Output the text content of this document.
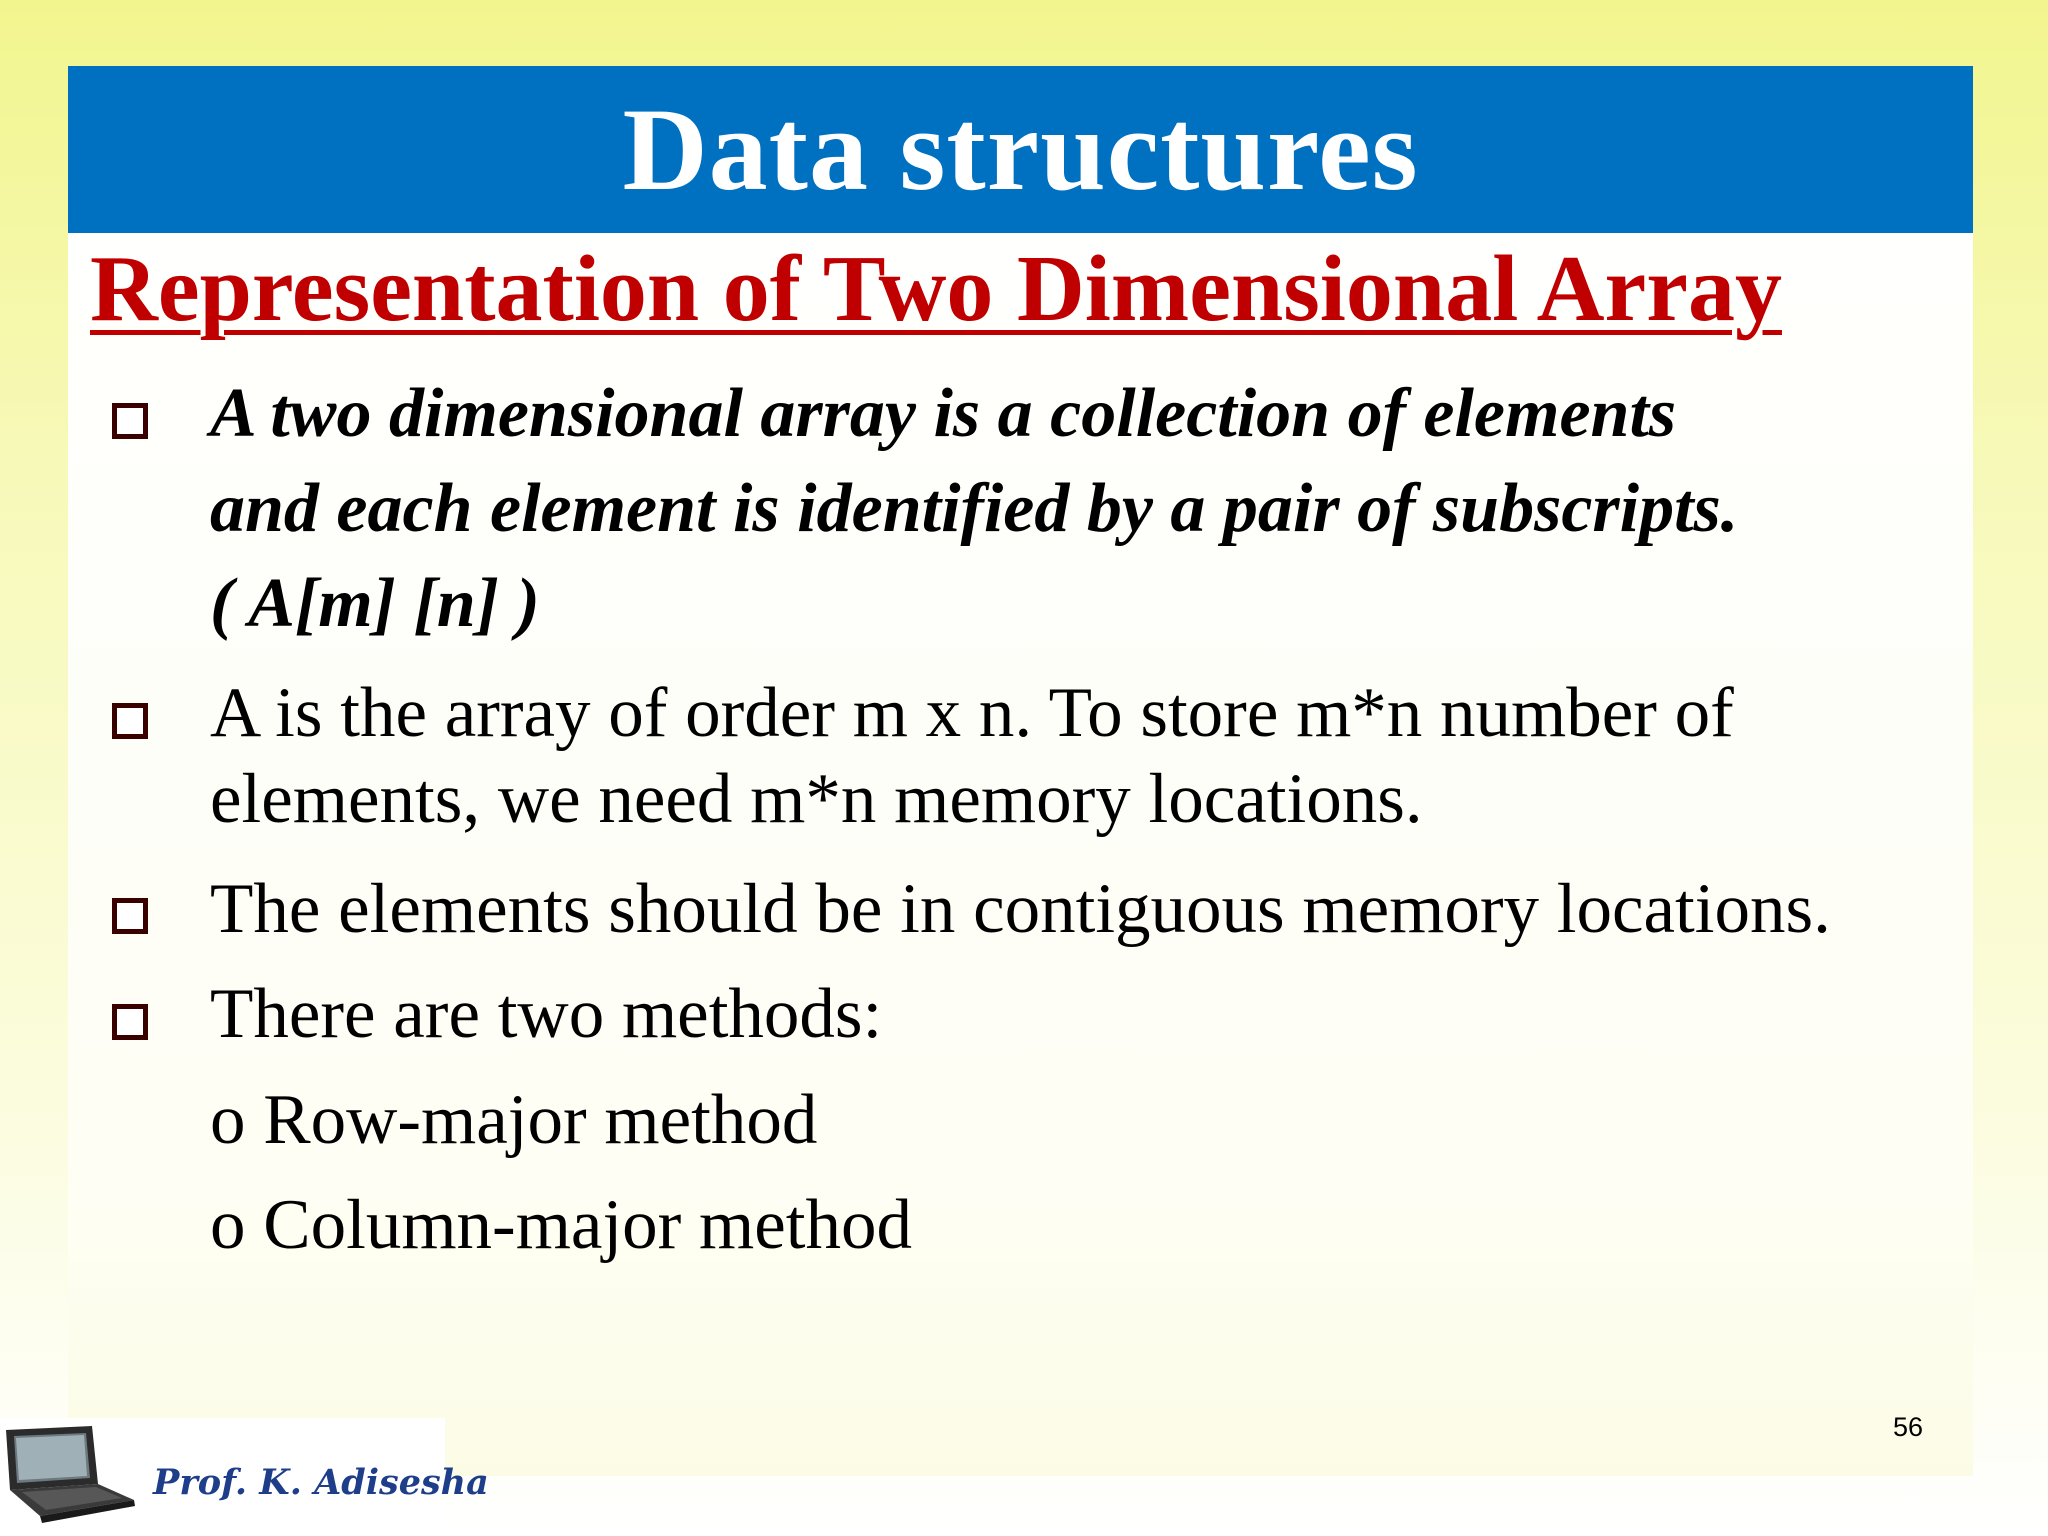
Data structures

Representation of Two Dimensional Array

A two dimensional array is a collection of elements
and each element is identified by a pair of subscripts.
( A[m] [n] )

A is the array of order m x n. To store m*n number of
elements, we need m*n memory locations.

The elements should be in contiguous memory locations.

There are two methods:

o Row-major method

o Column-major method

56
Prof. K. Adisesha
